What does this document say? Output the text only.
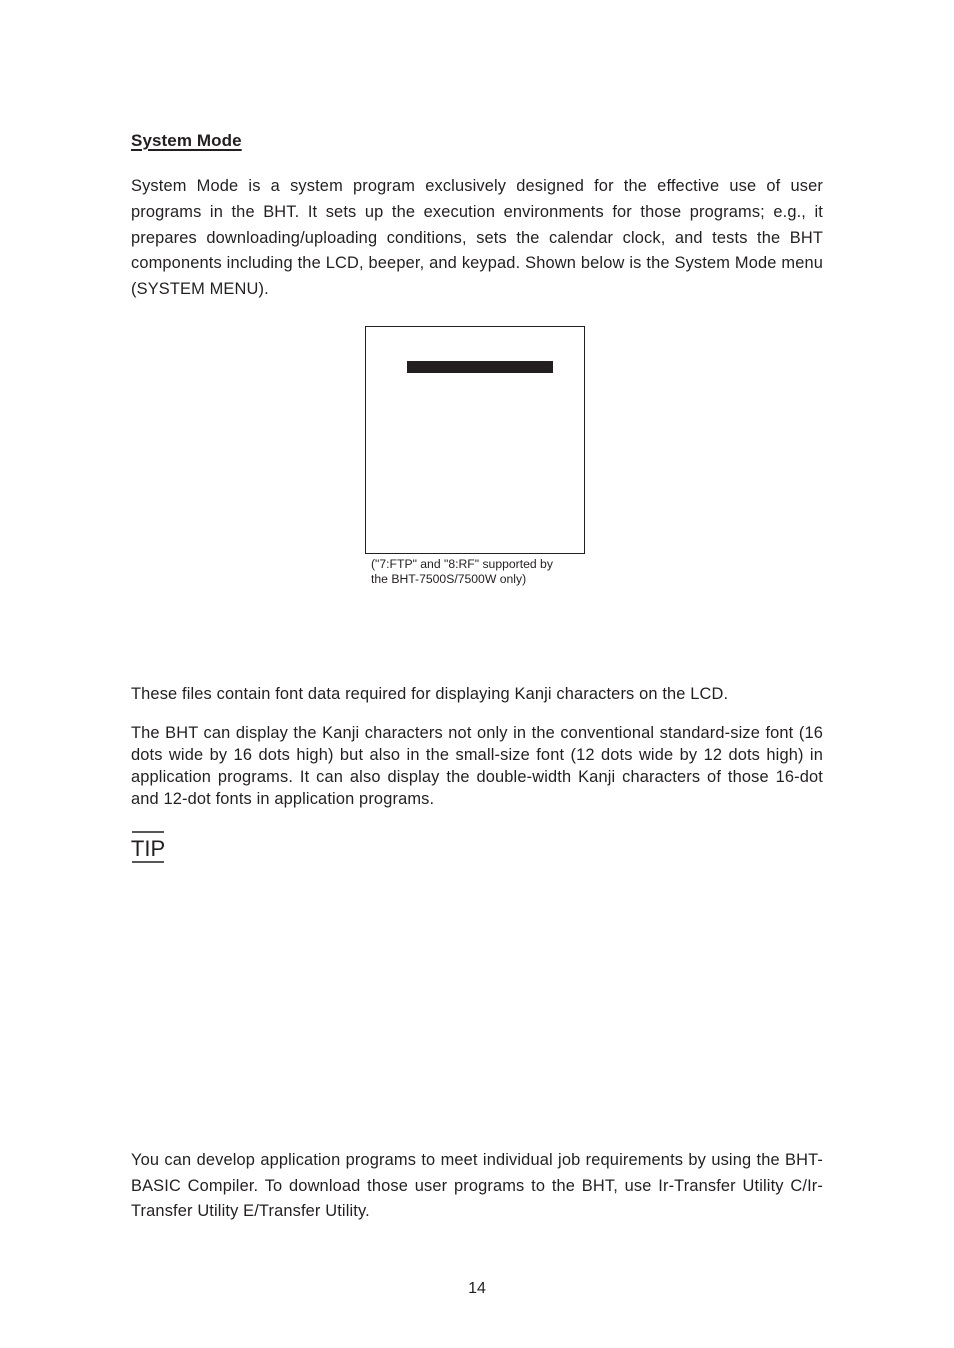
System Mode

System Mode is a system program exclusively designed for the effective use of user programs in the BHT. It sets up the execution environments for those programs; e.g., it prepares downloading/uploading conditions, sets the calendar clock, and tests the BHT components including the LCD, beeper, and keypad. Shown below is the System Mode menu (SYSTEM MENU).

("7:FTP" and "8:RF" supported by
the BHT-7500S/7500W only)

These files contain font data required for displaying Kanji characters on the LCD.

The BHT can display the Kanji characters not only in the conventional standard-size font (16 dots wide by 16 dots high) but also in the small-size font (12 dots wide by 12 dots high) in application programs. It can also display the double-width Kanji characters of those 16-dot and 12-dot fonts in application programs.

TIP

You can develop application programs to meet individual job requirements by using the BHT-BASIC Compiler. To download those user programs to the BHT, use Ir-Transfer Utility C/Ir-Transfer Utility E/Transfer Utility.

14
